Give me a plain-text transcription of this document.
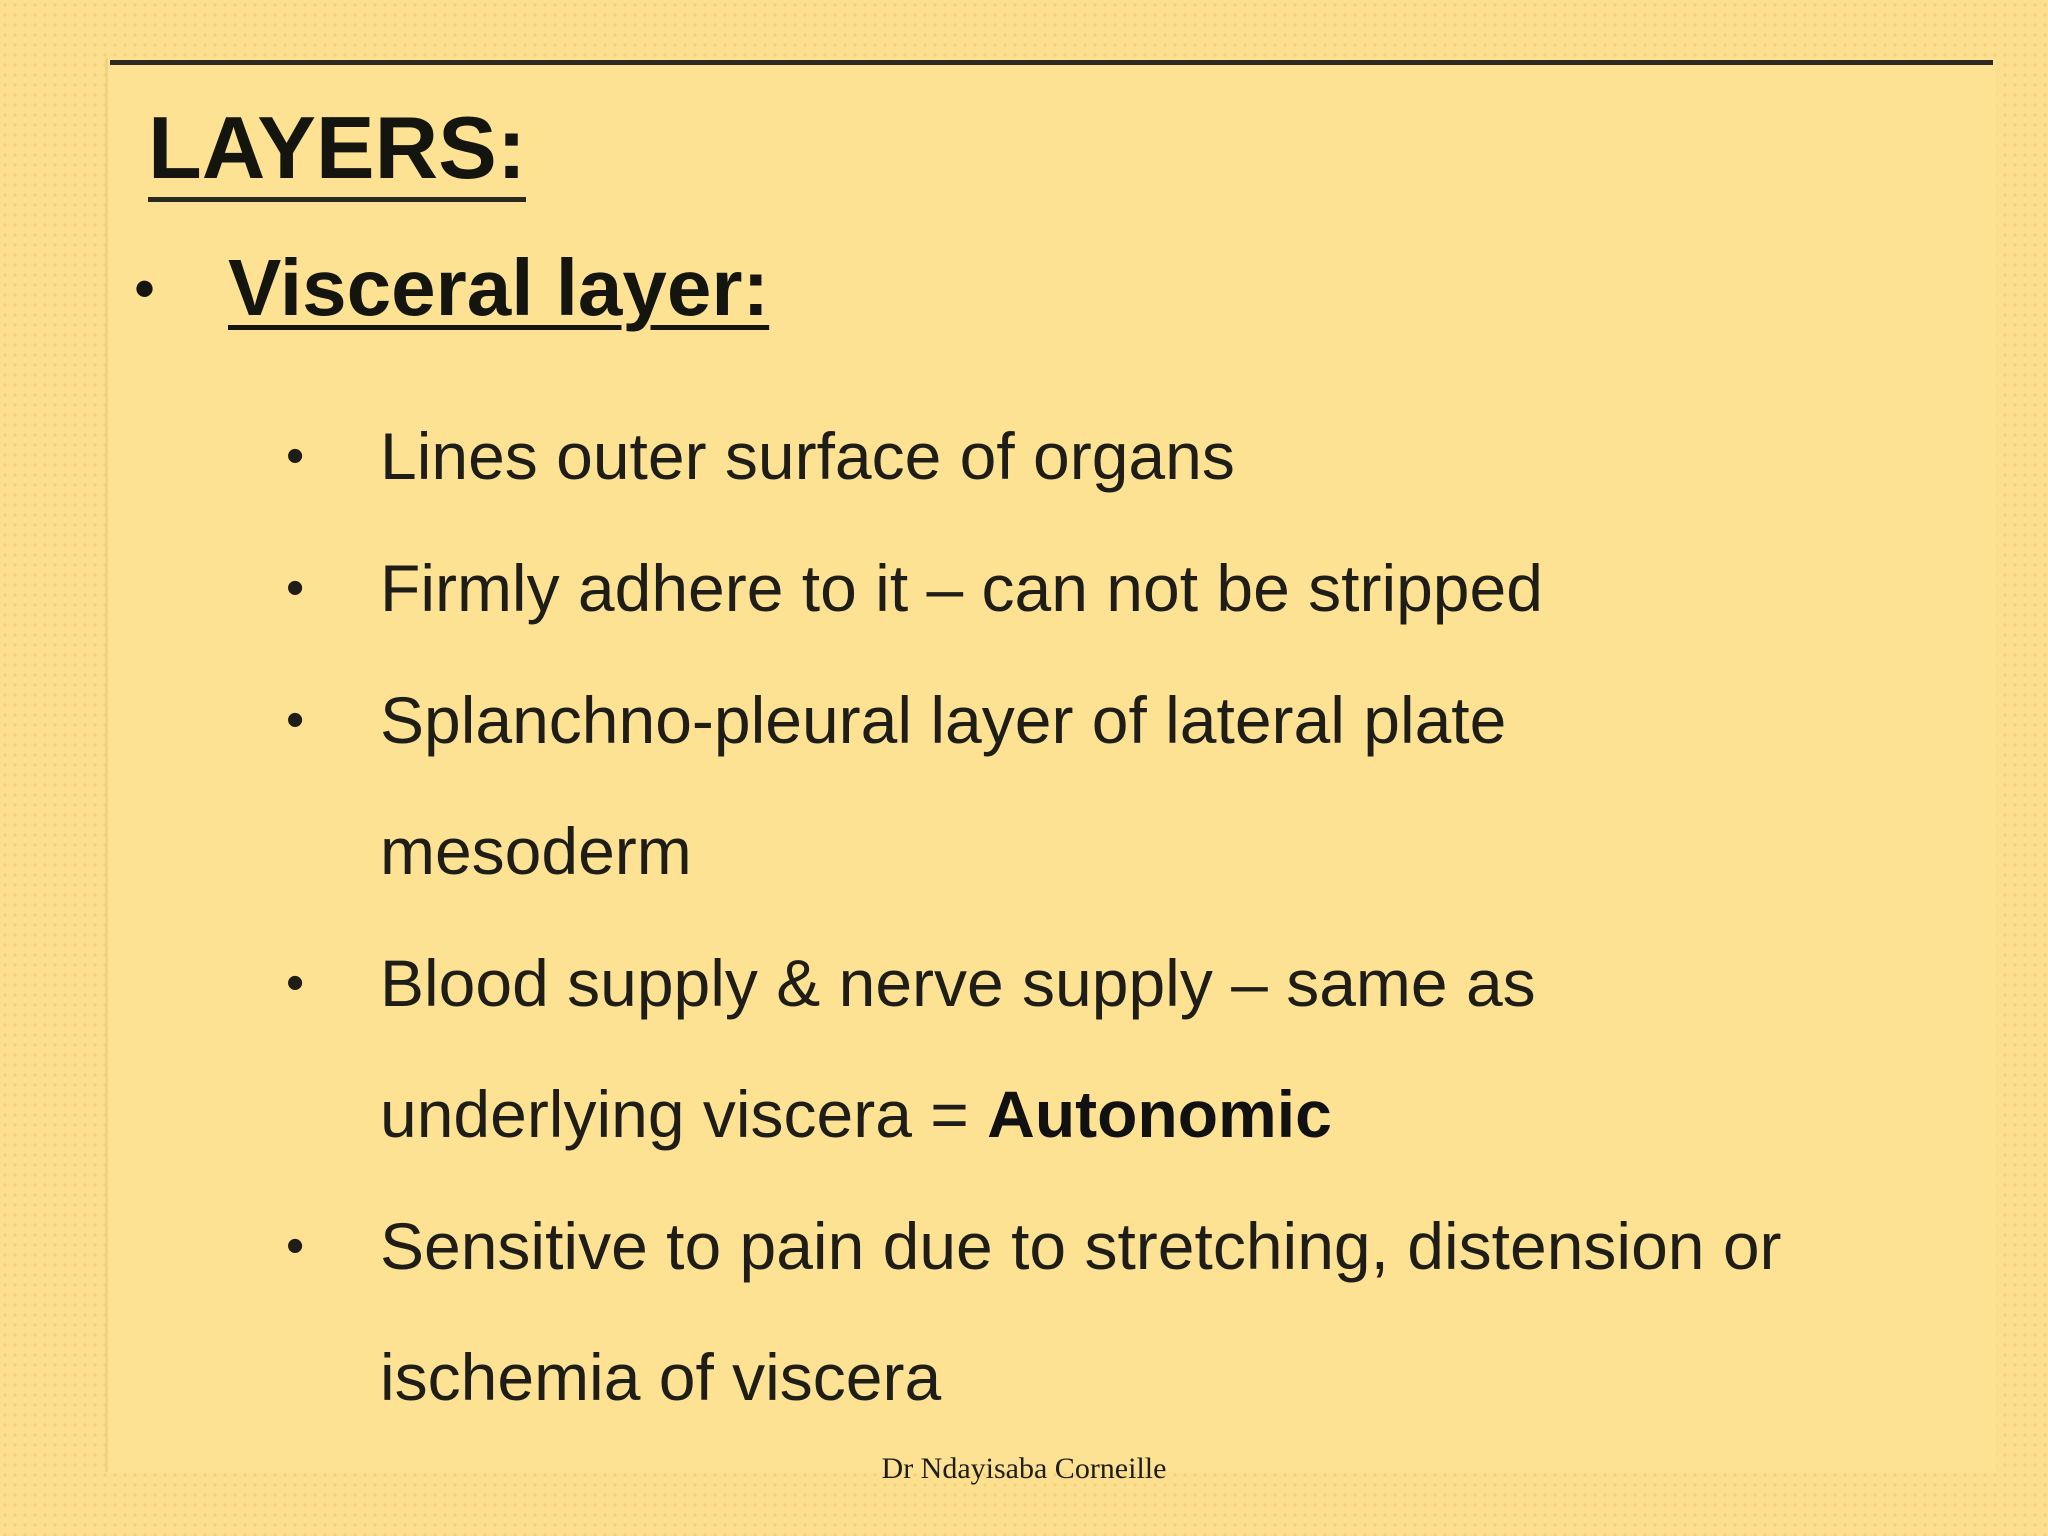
LAYERS:
• Visceral layer:
• Lines outer surface of organs
• Firmly adhere to it – can not be stripped
• Splanchno-pleural layer of lateral plate
mesoderm
• Blood supply & nerve supply – same as
underlying viscera = Autonomic
• Sensitive to pain due to stretching, distension or
ischemia of viscera
Dr Ndayisaba Corneille
